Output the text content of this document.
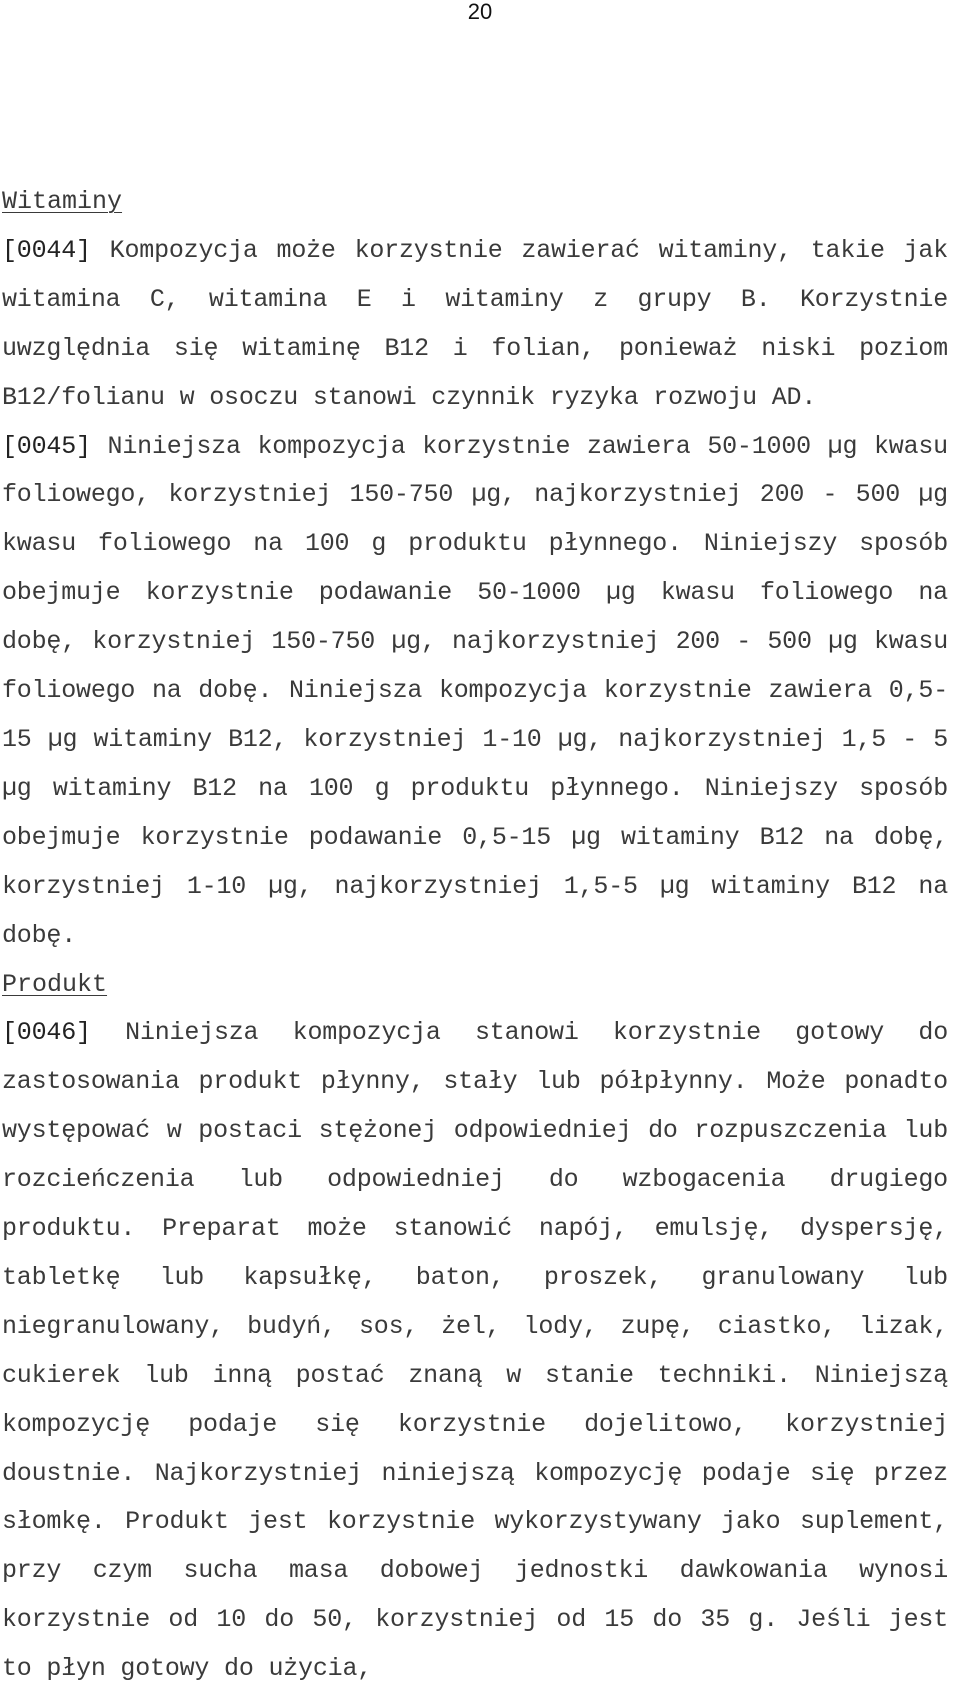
20
Witaminy

[0044] Kompozycja może korzystnie zawierać witaminy, takie jak witamina C, witamina E i witaminy z grupy B. Korzystnie uwzględnia się witaminę B12 i folian, ponieważ niski poziom B12/folianu w osoczu stanowi czynnik ryzyka rozwoju AD.

[0045] Niniejsza kompozycja korzystnie zawiera 50-1000 µg kwasu foliowego, korzystniej 150-750 µg, najkorzystniej 200 - 500 µg kwasu foliowego na 100 g produktu płynnego. Niniejszy sposób obejmuje korzystnie podawanie 50-1000 µg kwasu foliowego na dobę, korzystniej 150-750 µg, najkorzystniej 200 - 500 µg kwasu foliowego na dobę. Niniejsza kompozycja korzystnie zawiera 0,5-15 µg witaminy B12, korzystniej 1-10 µg, najkorzystniej 1,5 - 5 µg witaminy B12 na 100 g produktu płynnego. Niniejszy sposób obejmuje korzystnie podawanie 0,5-15 µg witaminy B12 na dobę, korzystniej 1-10 µg, najkorzystniej 1,5-5 µg witaminy B12 na dobę.

Produkt

[0046] Niniejsza kompozycja stanowi korzystnie gotowy do zastosowania produkt płynny, stały lub półpłynny. Może ponadto występować w postaci stężonej odpowiedniej do rozpuszczenia lub rozcieńczenia lub odpowiedniej do wzbogacenia drugiego produktu. Preparat może stanowić napój, emulsję, dyspersję, tabletkę lub kapsułkę, baton, proszek, granulowany lub niegranulowany, budyń, sos, żel, lody, zupę, ciastko, lizak, cukierek lub inną postać znaną w stanie techniki. Niniejszą kompozycję podaje się korzystnie dojelitowo, korzystniej doustnie. Najkorzystniej niniejszą kompozycję podaje się przez słomkę. Produkt jest korzystnie wykorzystywany jako suplement, przy czym sucha masa dobowej jednostki dawkowania wynosi korzystnie od 10 do 50, korzystniej od 15 do 35 g. Jeśli jest to płyn gotowy do użycia,
